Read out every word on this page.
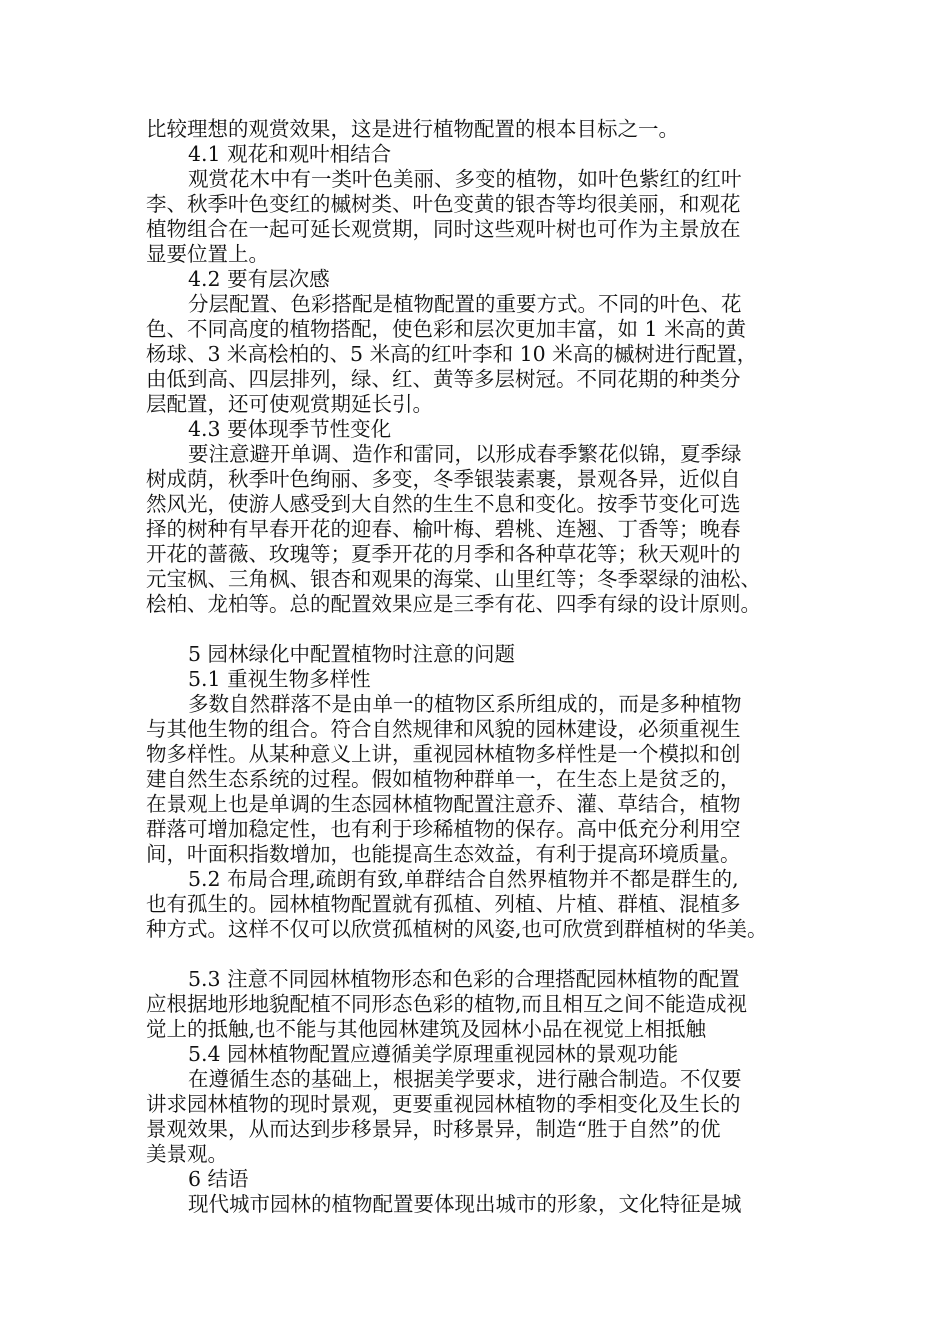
比较理想的观赏效果，这是进行植物配置的根本目标之一。

4.1 观花和观叶相结合

观赏花木中有一类叶色美丽、多变的植物，如叶色紫红的红叶

李、秋季叶色变红的槭树类、叶色变黄的银杏等均很美丽，和观花

植物组合在一起可延长观赏期，同时这些观叶树也可作为主景放在

显要位置上。

4.2 要有层次感

分层配置、色彩搭配是植物配置的重要方式。不同的叶色、花

色、不同高度的植物搭配，使色彩和层次更加丰富，如 1 米高的黄

杨球、3 米高桧柏的、5 米高的红叶李和 10 米高的槭树进行配置，

由低到高、四层排列，绿、红、黄等多层树冠。不同花期的种类分

层配置，还可使观赏期延长引。

4.3 要体现季节性变化

要注意避开单调、造作和雷同，以形成春季繁花似锦，夏季绿

树成荫，秋季叶色绚丽、多变，冬季银装素裹，景观各异，近似自

然风光，使游人感受到大自然的生生不息和变化。按季节变化可选

择的树种有早春开花的迎春、榆叶梅、碧桃、连翘、丁香等；晚春

开花的蔷薇、玫瑰等；夏季开花的月季和各种草花等；秋天观叶的

元宝枫、三角枫、银杏和观果的海棠、山里红等；冬季翠绿的油松、

桧柏、龙柏等。总的配置效果应是三季有花、四季有绿的设计原则。

5 园林绿化中配置植物时注意的问题

5.1 重视生物多样性

多数自然群落不是由单一的植物区系所组成的，而是多种植物

与其他生物的组合。符合自然规律和风貌的园林建设，必须重视生

物多样性。从某种意义上讲，重视园林植物多样性是一个模拟和创

建自然生态系统的过程。假如植物种群单一，在生态上是贫乏的，

在景观上也是单调的生态园林植物配置注意乔、灌、草结合，植物

群落可增加稳定性，也有利于珍稀植物的保存。高中低充分利用空

间，叶面积指数增加，也能提高生态效益，有利于提高环境质量。

5.2 布局合理,疏朗有致,单群结合自然界植物并不都是群生的,

也有孤生的。园林植物配置就有孤植、列植、片植、群植、混植多

种方式。这样不仅可以欣赏孤植树的风姿,也可欣赏到群植树的华美。

5.3 注意不同园林植物形态和色彩的合理搭配园林植物的配置

应根据地形地貌配植不同形态色彩的植物,而且相互之间不能造成视

觉上的抵触,也不能与其他园林建筑及园林小品在视觉上相抵触

5.4 园林植物配置应遵循美学原理重视园林的景观功能

在遵循生态的基础上，根据美学要求，进行融合制造。不仅要

讲求园林植物的现时景观，更要重视园林植物的季相变化及生长的

景观效果，从而达到步移景异，时移景异，制造“胜于自然”的优

美景观。

6 结语

现代城市园林的植物配置要体现出城市的形象，文化特征是城
